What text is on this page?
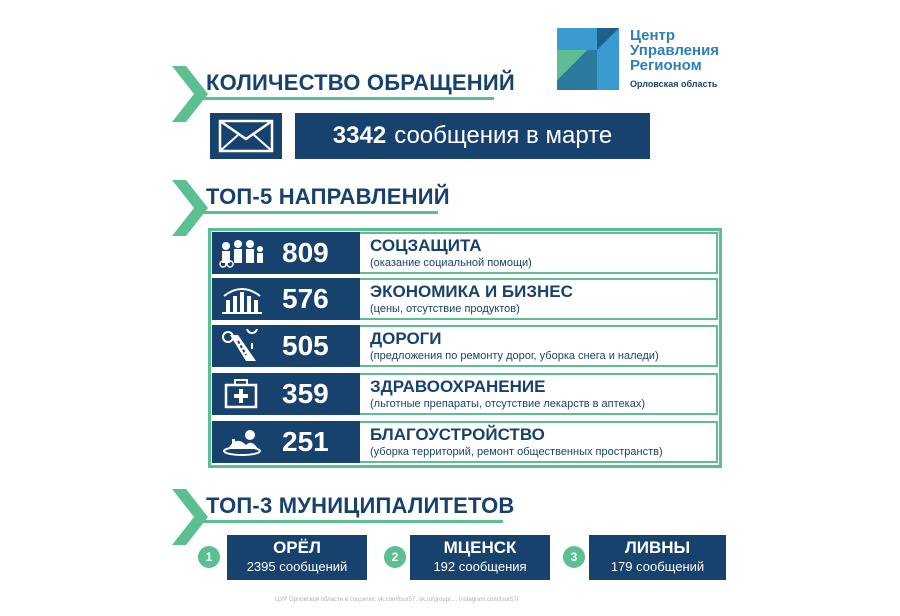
Центр
Управления
Регионом
Орловская область
КОЛИЧЕСТВО ОБРАЩЕНИЙ
3342 сообщения в марте
ТОП-5 НАПРАВЛЕНИЙ
809 СОЦЗАЩИТА
(оказание социальной помощи)
576 ЭКОНОМИКА И БИЗНЕС
(цены, отсутствие продуктов)
505 ДОРОГИ
(предложения по ремонту дорог, уборка снега и наледи)
359 ЗДРАВООХРАНЕНИЕ
(льготные препараты, отсутствие лекарств в аптеках)
251 БЛАГОУСТРОЙСТВО
(уборка территорий, ремонт общественных пространств)
ТОП-3 МУНИЦИПАЛИТЕТОВ
1	ОРЁЛ
2395 сообщений
2	МЦЕНСК
192 сообщения
3	ЛИВНЫ
179 сообщений
ЦУР Орловской области в соцсетях: vk.com/tsur57, ok.ru/group/..., instagram.com/tsur57/
